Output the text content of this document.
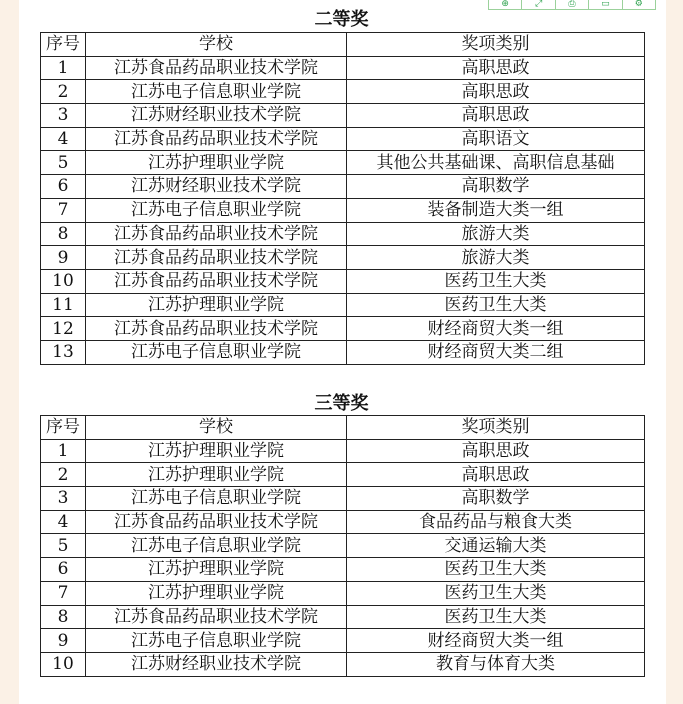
⊕	⤢	⎙	▭	⚙
二等奖
序号	学校	奖项类别
1	江苏食品药品职业技术学院	高职思政
2	江苏电子信息职业学院	高职思政
3	江苏财经职业技术学院	高职思政
4	江苏食品药品职业技术学院	高职语文
5	江苏护理职业学院	其他公共基础课、高职信息基础
6	江苏财经职业技术学院	高职数学
7	江苏电子信息职业学院	装备制造大类一组
8	江苏食品药品职业技术学院	旅游大类
9	江苏食品药品职业技术学院	旅游大类
10	江苏食品药品职业技术学院	医药卫生大类
11	江苏护理职业学院	医药卫生大类
12	江苏食品药品职业技术学院	财经商贸大类一组
13	江苏电子信息职业学院	财经商贸大类二组
三等奖
序号	学校	奖项类别
1	江苏护理职业学院	高职思政
2	江苏护理职业学院	高职思政
3	江苏电子信息职业学院	高职数学
4	江苏食品药品职业技术学院	食品药品与粮食大类
5	江苏电子信息职业学院	交通运输大类
6	江苏护理职业学院	医药卫生大类
7	江苏护理职业学院	医药卫生大类
8	江苏食品药品职业技术学院	医药卫生大类
9	江苏电子信息职业学院	财经商贸大类一组
10	江苏财经职业技术学院	教育与体育大类
